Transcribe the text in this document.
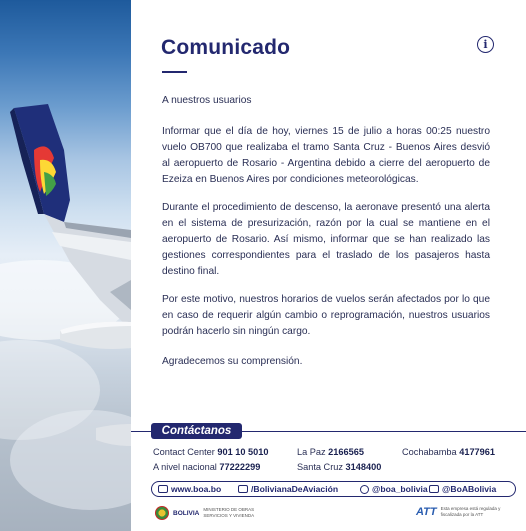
Comunicado	i

A nuestros usuarios

Informar que el día de hoy, viernes 15 de julio a horas 00:25 nuestro vuelo OB700 que realizaba el tramo Santa Cruz - Buenos Aires desvió al aeropuerto de Rosario - Argentina debido a cierre del aeropuerto de Ezeiza en Buenos Aires por condiciones meteorológicas.

Durante el procedimiento de descenso, la aeronave presentó una alerta en el sistema de presurización, razón por la cual se mantiene en el aeropuerto de Rosario. Así mismo, informar que se han realizado las gestiones correspondientes para el traslado de los pasajeros hasta destino final.

Por este motivo, nuestros horarios de vuelos serán afectados por lo que en caso de requerir algún cambio o reprogramación, nuestros usuarios podrán hacerlo sin ningún cargo.

Agradecemos su comprensión.

Contáctanos
Contact Center 901 10 5010
A nivel nacional 77222299
La Paz 2166565
Santa Cruz 3148400
Cochabamba 4177961
www.boa.bo	/BolivianaDeAviación	@boa_bolivia @BoABolivia
BOLIVIA MINISTERIO DE OBRAS SERVICIOS Y VIVIENDA	ATT Esta empresa está regulada y fiscalizada por la ATT
